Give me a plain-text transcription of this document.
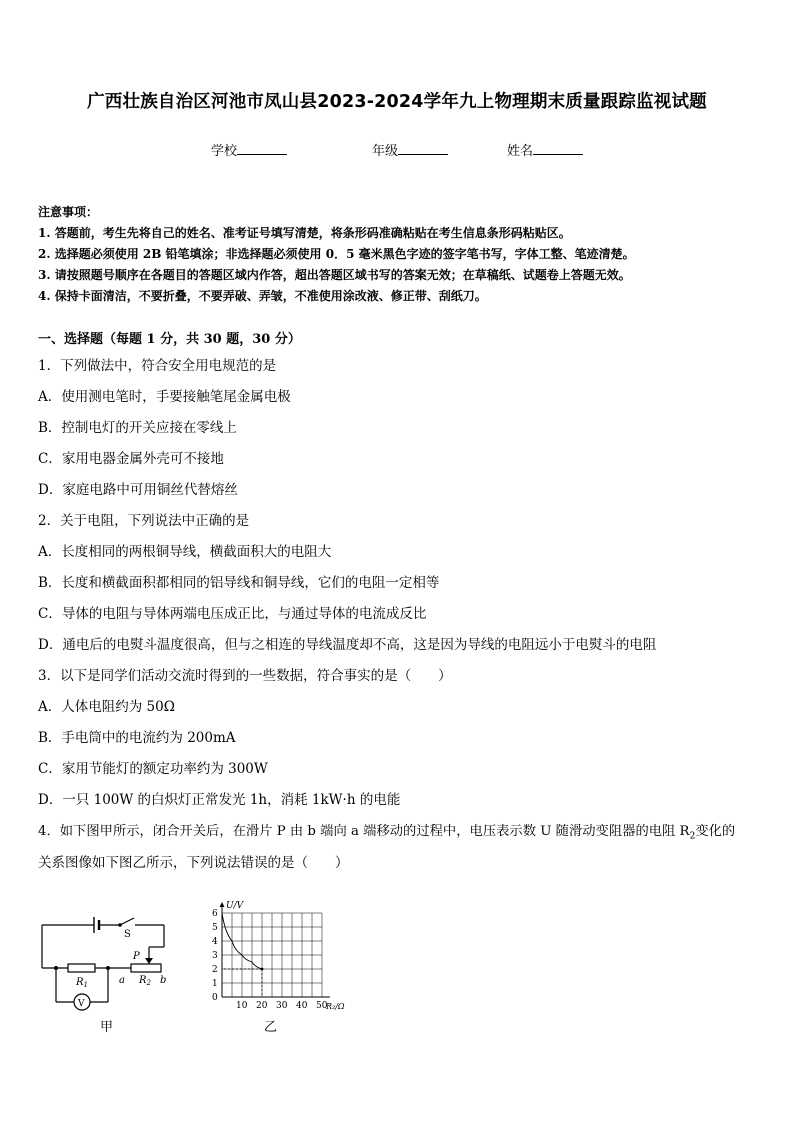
广西壮族自治区河池市凤山县2023-2024学年九上物理期末质量跟踪监视试题
学校	年级	姓名
注意事项：
1. 答题前，考生先将自己的姓名、准考证号填写清楚，将条形码准确粘贴在考生信息条形码粘贴区。
2. 选择题必须使用 2B 铅笔填涂；非选择题必须使用 0．5 毫米黑色字迹的签字笔书写，字体工整、笔迹清楚。
3. 请按照题号顺序在各题目的答题区域内作答，超出答题区域书写的答案无效；在草稿纸、试题卷上答题无效。
4. 保持卡面清洁，不要折叠，不要弄破、弄皱，不准使用涂改液、修正带、刮纸刀。
一、选择题（每题 1 分，共 30 题，30 分）
1．下列做法中，符合安全用电规范的是
A．使用测电笔时，手要接触笔尾金属电极
B．控制电灯的开关应接在零线上
C．家用电器金属外壳可不接地
D．家庭电路中可用铜丝代替熔丝
2．关于电阻，下列说法中正确的是
A．长度相同的两根铜导线，横截面积大的电阻大
B．长度和横截面积都相同的铝导线和铜导线，它们的电阻一定相等
C．导体的电阻与导体两端电压成正比，与通过导体的电流成反比
D．通电后的电熨斗温度很高，但与之相连的导线温度却不高，这是因为导线的电阻远小于电熨斗的电阻
3．以下是同学们活动交流时得到的一些数据，符合事实的是（　　）
A．人体电阻约为 50Ω
B．手电筒中的电流约为 200mA
C．家用节能灯的额定功率约为 300W
D．一只 100W 的白炽灯正常发光 1h，消耗 1kW·h 的电能
4．如下图甲所示，闭合开关后，在滑片 P 由 b 端向 a 端移动的过程中，电压表示数 U 随滑动变阻器的电阻 $R_2$变化的
关系图像如下图乙所示，下列说法错误的是（　　）
S
P
$R_1$	$R_2$
a	b
V
甲
0
1
2
3
4
5
6
10 20 30 40 50
U/V
R₂/Ω
乙
